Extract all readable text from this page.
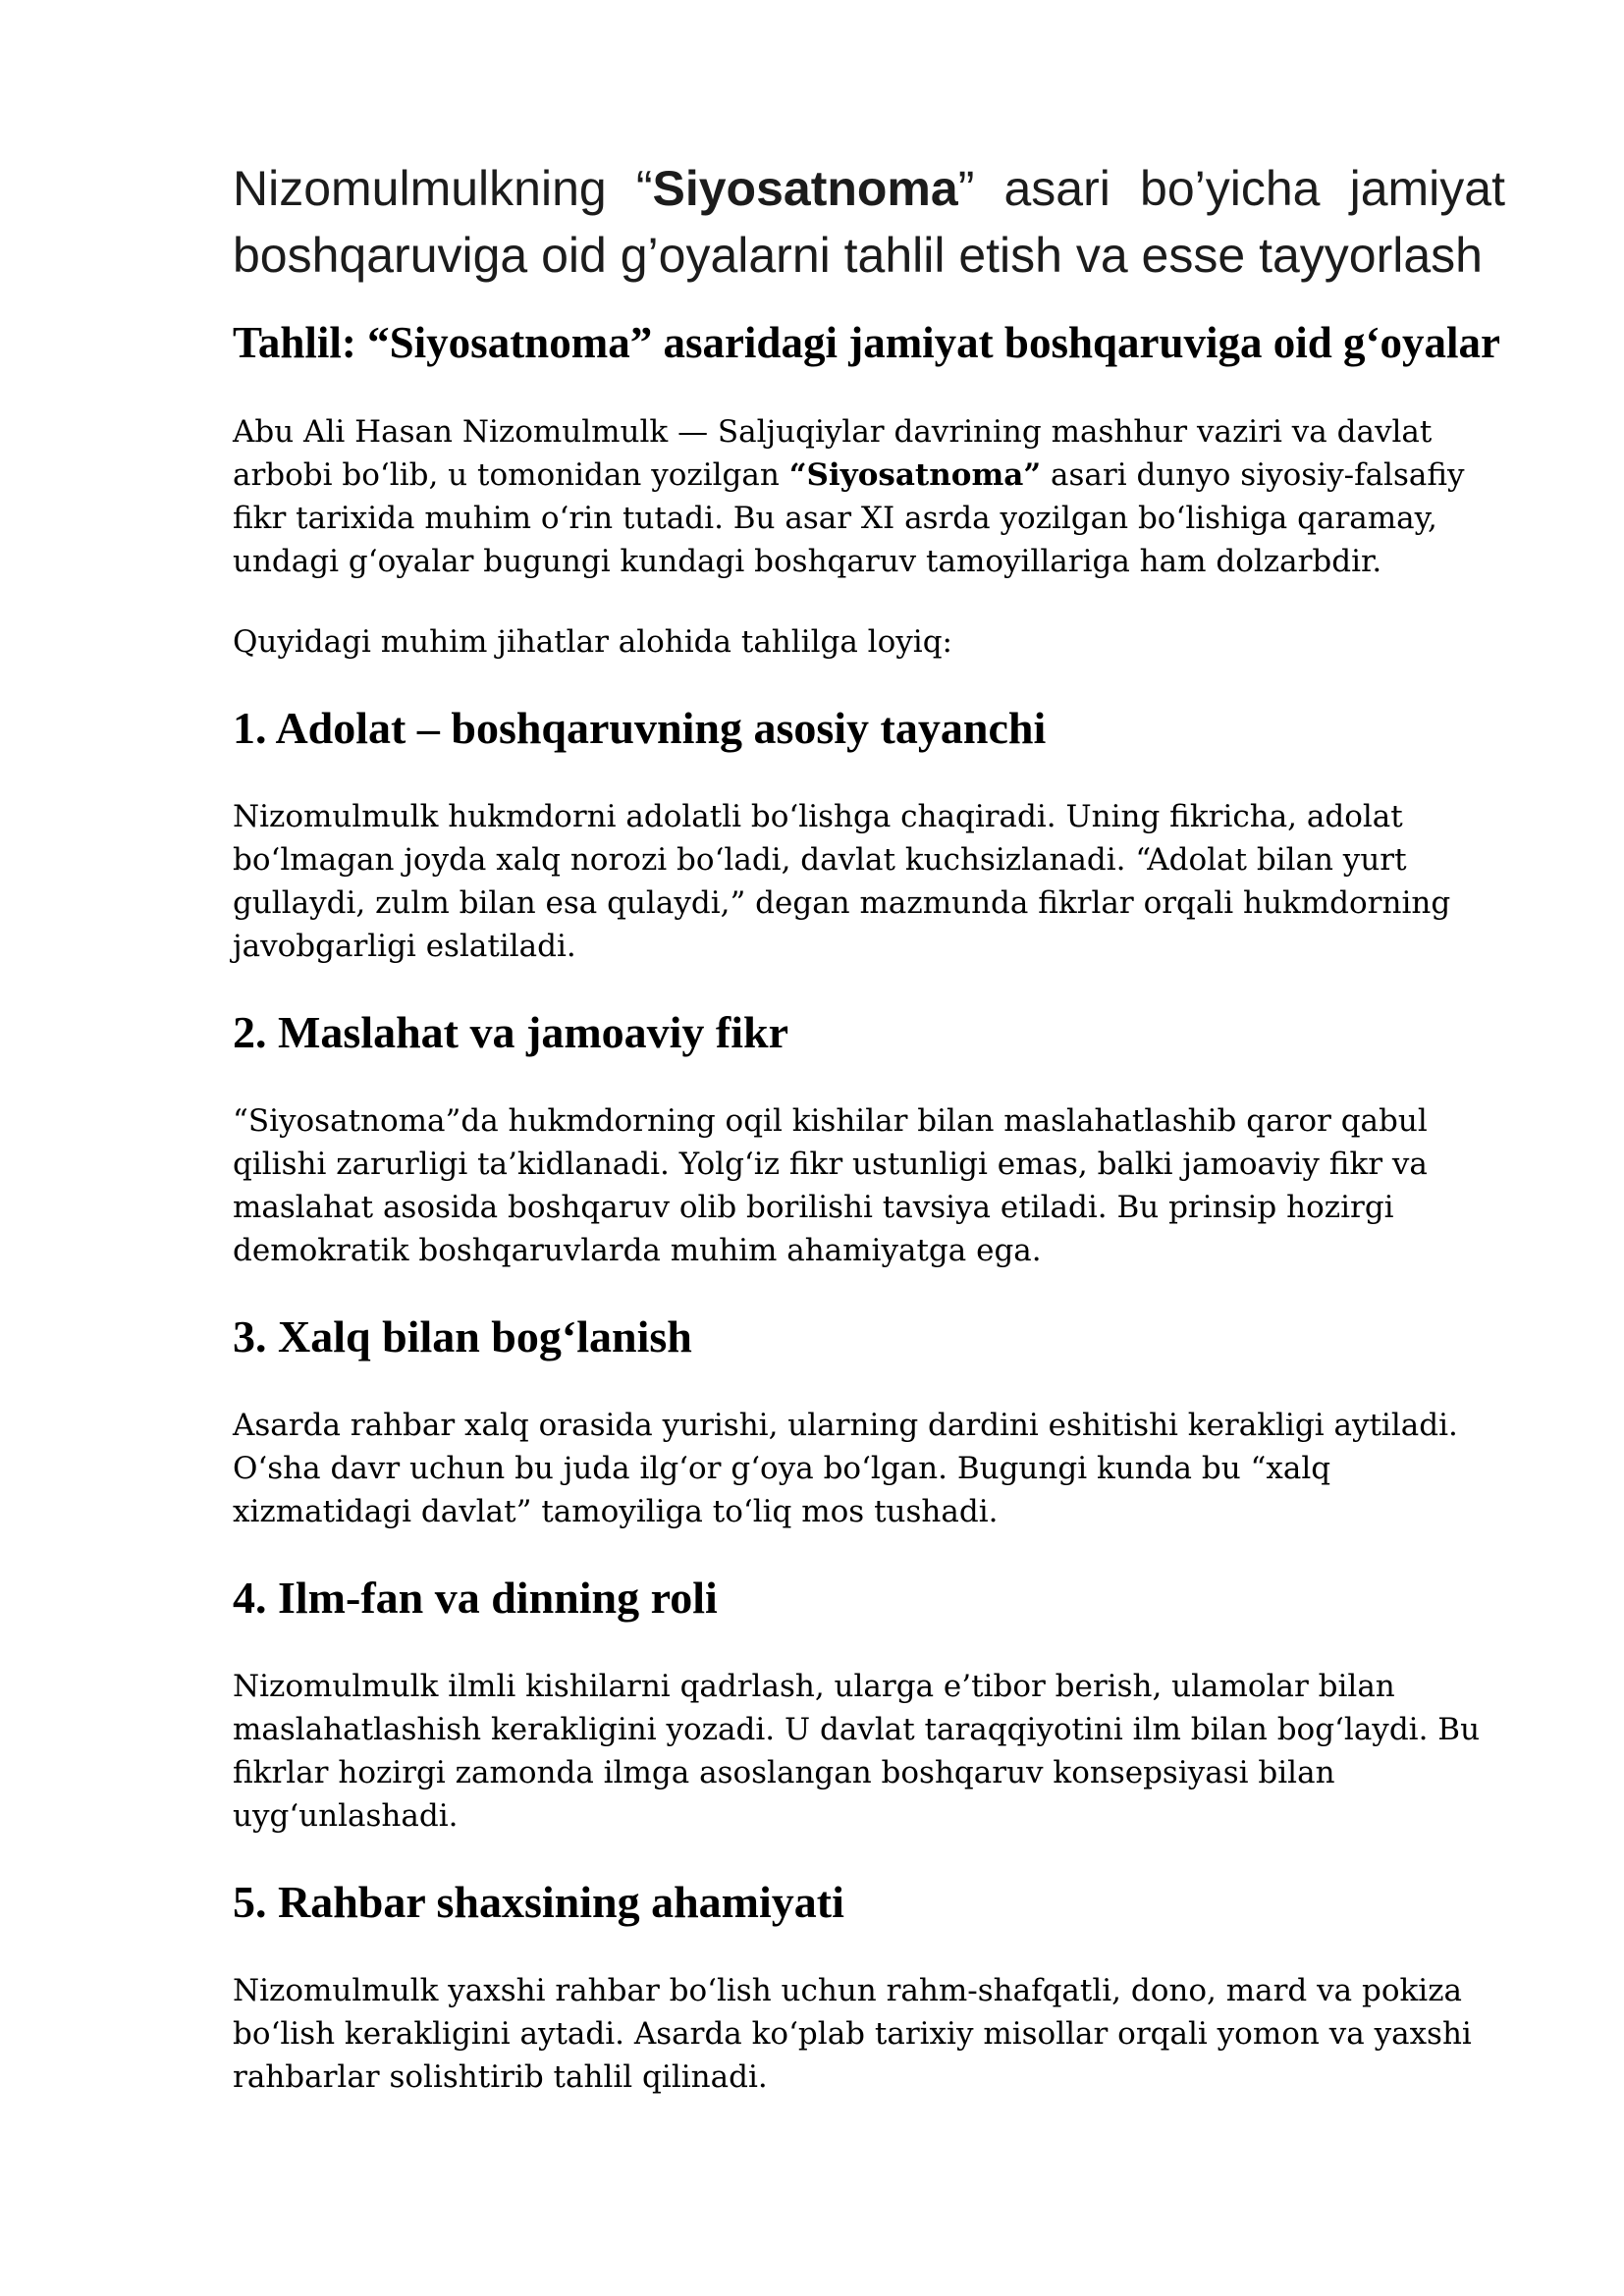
Nizomulmulkning “Siyosatnoma” asari bo’yicha jamiyat boshqaruviga oid g’oyalarni tahlil etish va esse tayyorlash
Tahlil: “Siyosatnoma” asaridagi jamiyat boshqaruviga oid g‘oyalar

Abu Ali Hasan Nizomulmulk — Saljuqiylar davrining mashhur vaziri va davlat arbobi bo‘lib, u tomonidan yozilgan “Siyosatnoma” asari dunyo siyosiy-falsafiy fikr tarixida muhim o‘rin tutadi. Bu asar XI asrda yozilgan bo‘lishiga qaramay, undagi g‘oyalar bugungi kundagi boshqaruv tamoyillariga ham dolzarbdir.

Quyidagi muhim jihatlar alohida tahlilga loyiq:

1. Adolat – boshqaruvning asosiy tayanchi

Nizomulmulk hukmdorni adolatli bo‘lishga chaqiradi. Uning fikricha, adolat bo‘lmagan joyda xalq norozi bo‘ladi, davlat kuchsizlanadi. “Adolat bilan yurt gullaydi, zulm bilan esa qulaydi,” degan mazmunda fikrlar orqali hukmdorning javobgarligi eslatiladi.

2. Maslahat va jamoaviy fikr

“Siyosatnoma”da hukmdorning oqil kishilar bilan maslahatlashib qaror qabul qilishi zarurligi ta’kidlanadi. Yolg‘iz fikr ustunligi emas, balki jamoaviy fikr va maslahat asosida boshqaruv olib borilishi tavsiya etiladi. Bu prinsip hozirgi demokratik boshqaruvlarda muhim ahamiyatga ega.

3. Xalq bilan bog‘lanish

Asarda rahbar xalq orasida yurishi, ularning dardini eshitishi kerakligi aytiladi. O‘sha davr uchun bu juda ilg‘or g‘oya bo‘lgan. Bugungi kunda bu “xalq xizmatidagi davlat” tamoyiliga to‘liq mos tushadi.

4. Ilm-fan va dinning roli

Nizomulmulk ilmli kishilarni qadrlash, ularga e’tibor berish, ulamolar bilan maslahatlashish kerakligini yozadi. U davlat taraqqiyotini ilm bilan bog‘laydi. Bu fikrlar hozirgi zamonda ilmga asoslangan boshqaruv konsepsiyasi bilan uyg‘unlashadi.

5. Rahbar shaxsining ahamiyati

Nizomulmulk yaxshi rahbar bo‘lish uchun rahm-shafqatli, dono, mard va pokiza bo‘lish kerakligini aytadi. Asarda ko‘plab tarixiy misollar orqali yomon va yaxshi rahbarlar solishtirib tahlil qilinadi.
